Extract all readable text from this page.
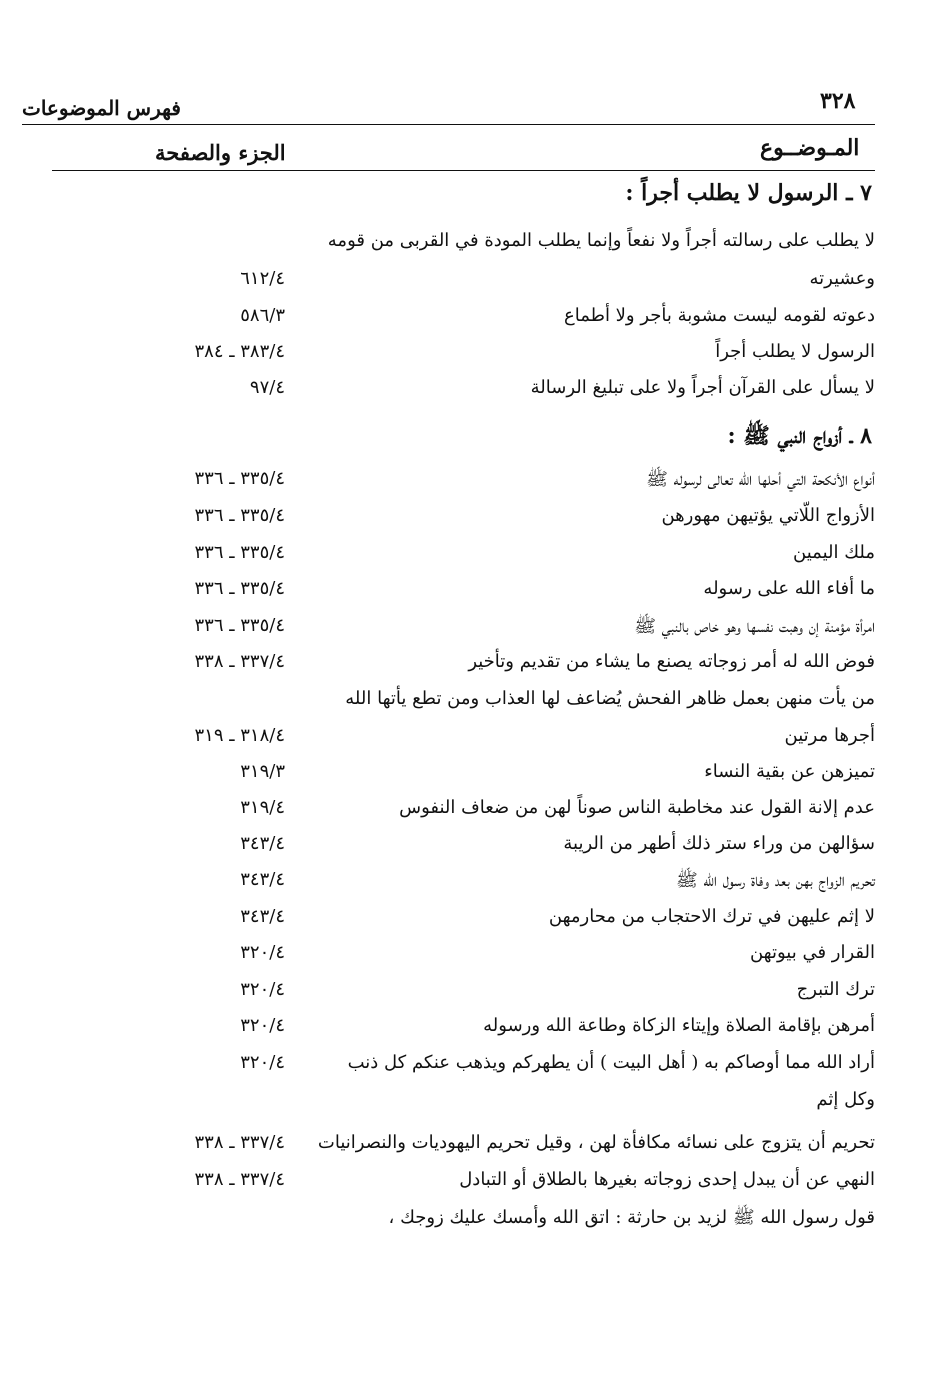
فهرس الموضوعات	٣٢٨
المـوضــوع
الجزء والصفحة
٧ ـ الرسول لا يطلب أجراً :
لا يطلب على رسالته أجراً ولا نفعاً وإنما يطلب المودة في القربى من قومه
وعشيرته
٦١٢/٤
دعوته لقومه ليست مشوبة بأجر ولا أطماع
٥٨٦/٣
الرسول لا يطلب أجراً
٣٨٣/٤ ـ ٣٨٤
لا يسأل على القرآن أجراً ولا على تبليغ الرسالة
٩٧/٤
٨ ـ أزواج النبي ﷺ :
أنواع الأنكحة التي أحلها الله تعالى لرسوله ﷺ
٣٣٥/٤ ـ ٣٣٦
الأزواج اللّاتي يؤتيهن مهورهن
٣٣٥/٤ ـ ٣٣٦
ملك اليمين
٣٣٥/٤ ـ ٣٣٦
ما أفاء الله على رسوله
٣٣٥/٤ ـ ٣٣٦
امرأة مؤمنة إن وهبت نفسها وهو خاص بالنبي ﷺ
٣٣٥/٤ ـ ٣٣٦
فوض الله له أمر زوجاته يصنع ما يشاء من تقديم وتأخير
٣٣٧/٤ ـ ٣٣٨
من يأت منهن بعمل ظاهر الفحش يُضاعف لها العذاب ومن تطع يأتها الله
أجرها مرتين
٣١٨/٤ ـ ٣١٩
تميزهن عن بقية النساء
٣١٩/٣
عدم إلانة القول عند مخاطبة الناس صوناً لهن من ضعاف النفوس
٣١٩/٤
سؤالهن من وراء ستر ذلك أطهر من الريبة
٣٤٣/٤
تحريم الزواج بهن بعد وفاة رسول الله ﷺ
٣٤٣/٤
لا إثم عليهن في ترك الاحتجاب من محارمهن
٣٤٣/٤
القرار في بيوتهن
٣٢٠/٤
ترك التبرج
٣٢٠/٤
أمرهن بإقامة الصلاة وإيتاء الزكاة وطاعة الله ورسوله
٣٢٠/٤
أراد الله مما أوصاكم به ( أهل البيت ) أن يطهركم ويذهب عنكم كل ذنب
٣٢٠/٤
وكل إثم
تحريم أن يتزوج على نسائه مكافأة لهن ، وقيل تحريم اليهوديات والنصرانيات
٣٣٧/٤ ـ ٣٣٨
النهي عن أن يبدل إحدى زوجاته بغيرها بالطلاق أو التبادل
٣٣٧/٤ ـ ٣٣٨
قول رسول الله ﷺ لزيد بن حارثة : اتق الله وأمسك عليك زوجك ،
